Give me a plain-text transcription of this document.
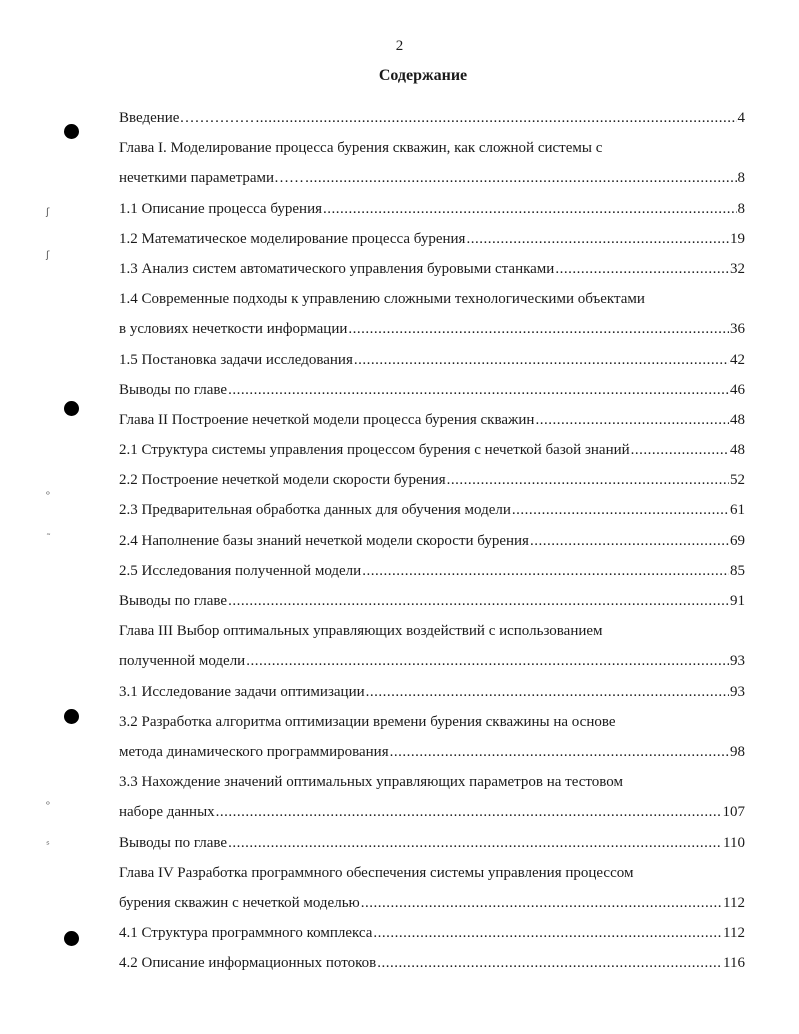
2
Содержание
ʃ
ʃ
ᵒ
˜
ᵒ
ˢ
Введение…………… .....	4
Глава I. Моделирование процесса бурения скважин, как сложной системы с
нечеткими параметрами…… .....	8
1.1 Описание процесса бурения .....	8
1.2 Математическое моделирование процесса бурения .....	19
1.3 Анализ систем автоматического управления буровыми станками .....	32
1.4 Современные подходы к управлению сложными технологическими объектами
в условиях нечеткости информации .....	36
1.5 Постановка задачи исследования .....	42
Выводы по главе .....	46
Глава II Построение нечеткой модели процесса бурения скважин .....	48
2.1 Структура системы управления процессом бурения с нечеткой базой знаний .....	48
2.2 Построение нечеткой модели скорости бурения .....	52
2.3 Предварительная обработка данных для обучения модели .....	61
2.4 Наполнение базы знаний нечеткой модели скорости бурения .....	69
2.5 Исследования полученной модели .....	85
Выводы по главе .....	91
Глава III Выбор оптимальных управляющих воздействий с использованием
полученной модели .....	93
3.1 Исследование задачи оптимизации .....	93
3.2 Разработка алгоритма оптимизации времени бурения скважины на основе
метода динамического программирования .....	98
3.3 Нахождение значений оптимальных управляющих параметров на тестовом
наборе данных .....	107
Выводы по главе .....	110
Глава IV Разработка программного обеспечения системы управления процессом
бурения скважин с нечеткой моделью .....	112
4.1 Структура программного комплекса .....	112
4.2 Описание информационных потоков .....	116
